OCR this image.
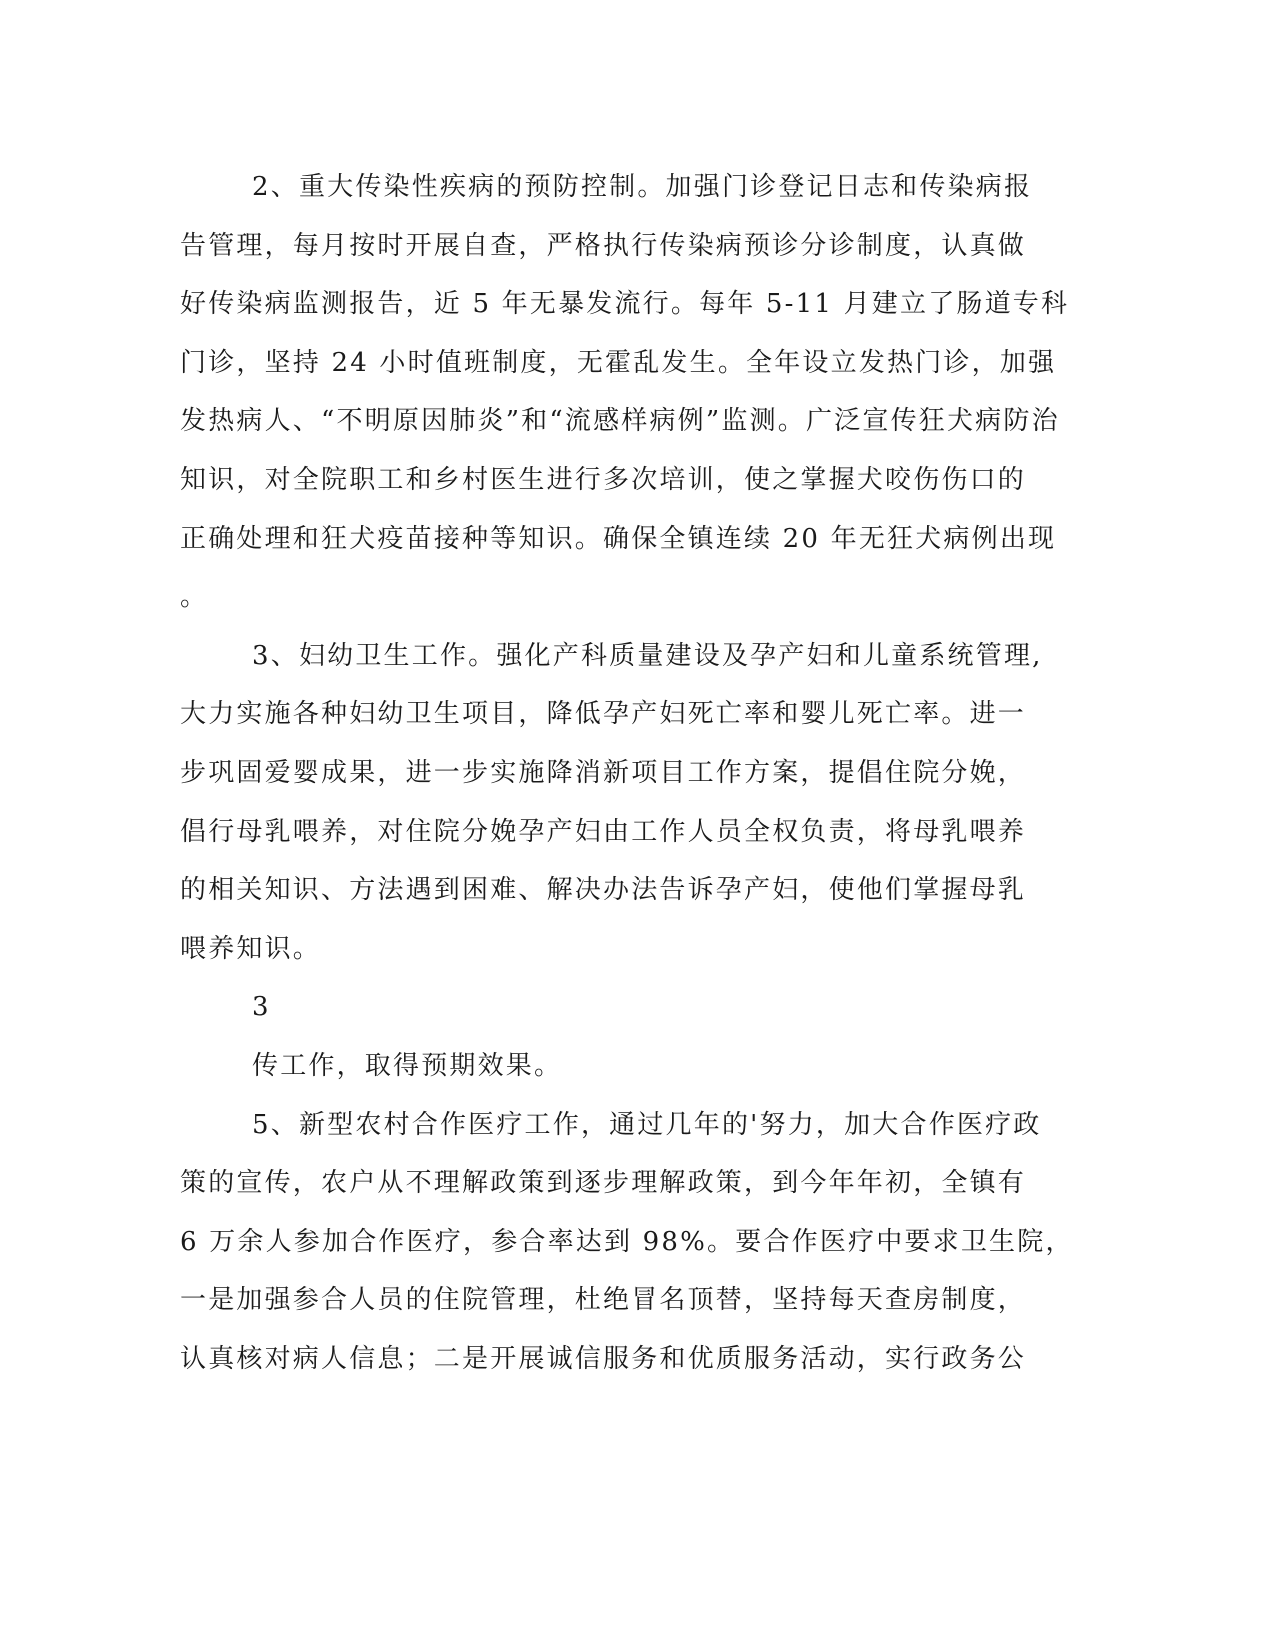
2、重大传染性疾病的预防控制。加强门诊登记日志和传染病报
告管理，每月按时开展自查，严格执行传染病预诊分诊制度，认真做
好传染病监测报告，近 5 年无暴发流行。每年 5-11 月建立了肠道专科
门诊，坚持 24 小时值班制度，无霍乱发生。全年设立发热门诊，加强
发热病人、“不明原因肺炎”和“流感样病例”监测。广泛宣传狂犬病防治
知识，对全院职工和乡村医生进行多次培训，使之掌握犬咬伤伤口的
正确处理和狂犬疫苗接种等知识。确保全镇连续 20 年无狂犬病例出现
。
3、妇幼卫生工作。强化产科质量建设及孕产妇和儿童系统管理,
大力实施各种妇幼卫生项目，降低孕产妇死亡率和婴儿死亡率。进一
步巩固爱婴成果，进一步实施降消新项目工作方案，提倡住院分娩，
倡行母乳喂养，对住院分娩孕产妇由工作人员全权负责，将母乳喂养
的相关知识、方法遇到困难、解决办法告诉孕产妇，使他们掌握母乳
喂养知识。
3
传工作，取得预期效果。
5、新型农村合作医疗工作，通过几年的'努力，加大合作医疗政
策的宣传，农户从不理解政策到逐步理解政策，到今年年初，全镇有
6 万余人参加合作医疗，参合率达到 98%。要合作医疗中要求卫生院，
一是加强参合人员的住院管理，杜绝冒名顶替，坚持每天查房制度，
认真核对病人信息；二是开展诚信服务和优质服务活动，实行政务公
